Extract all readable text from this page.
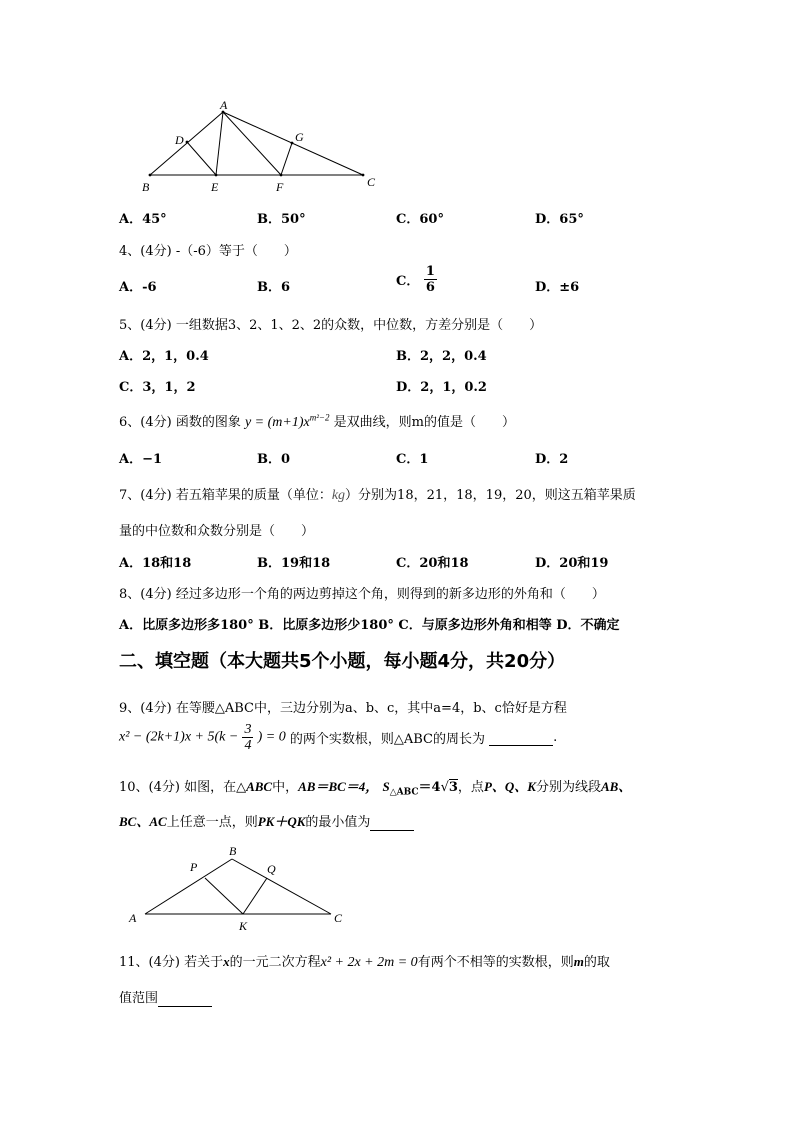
A
D	G
B	E	F	C
A．45°	B．50°	C．60°	D．65°
4、(4分) -（-6）等于（　　）
A．-6	B．6	C． $\frac{1}{6}$	D．±6
5、(4分) 一组数据3、2、1、2、2的众数，中位数，方差分别是（　　）
A．2，1，0.4	B．2，2，0.4
C．3，1，2	D．2，1，0.2
6、(4分) 函数的图象 $y = (m+1)x^{m^2-2}$ 是双曲线，则m的值是（　　）
A．−1	B．0	C．1	D．2
7、(4分) 若五箱苹果的质量（单位：kg）分别为18，21，18，19，20，则这五箱苹果质
量的中位数和众数分别是（　　）
A．18和18	B．19和18	C．20和18	D．20和19
8、(4分) 经过多边形一个角的两边剪掉这个角，则得到的新多边形的外角和（　　）
A．比原多边形多180° B．比原多边形少180° C．与原多边形外角和相等 D．不确定
二、填空题（本大题共5个小题，每小题4分，共20分）
9、(4分) 在等腰△ABC中，三边分别为a、b、c，其中a=4，b、c恰好是方程
$x^2 - (2k+1)x + 5(k - \frac{3}{4}$ ) = 0 的两个实数根，则△ABC的周长为	.
10、(4分) 如图，在△ABC中，AB＝BC＝4， $S_{\triangle ABC}=4√3$，点P、Q、K分别为线段AB、
BC、AC上任意一点，则PK＋QK的最小值为
B
P	Q
A
K
C
11、(4分) 若关于x的一元二次方程x² + 2x + 2m = 0有两个不相等的实数根，则m的取
值范围
